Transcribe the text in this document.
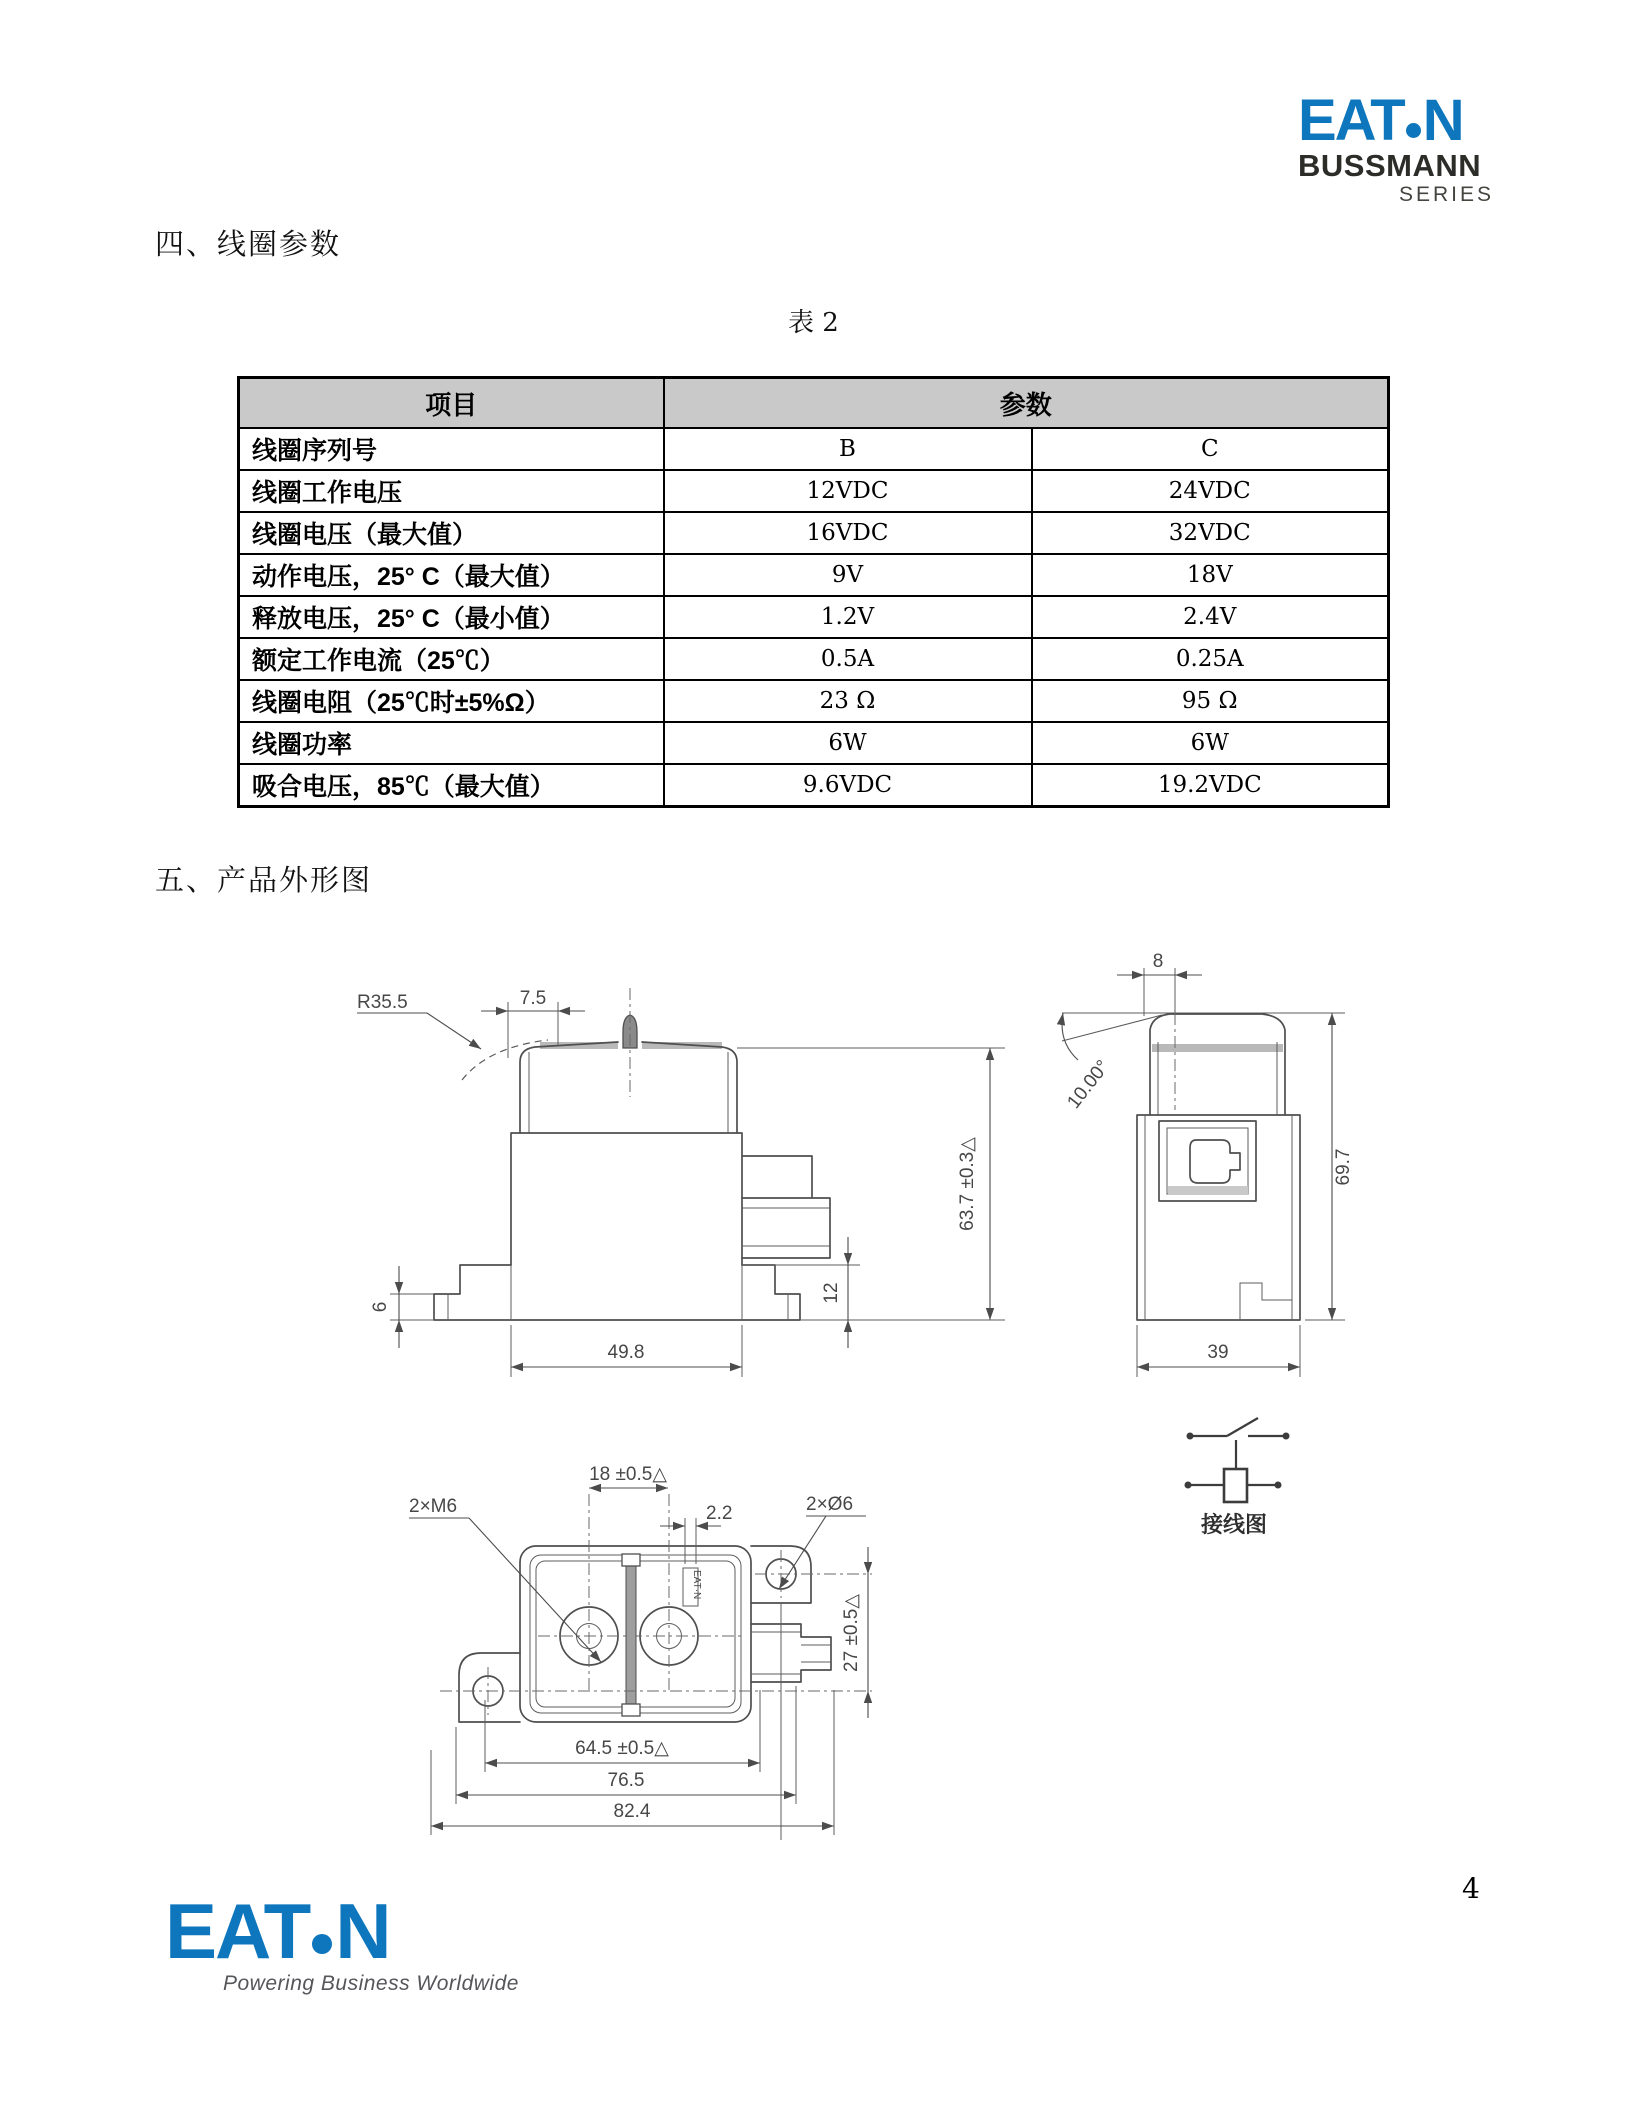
EAT N
BUSSMANN
SERIES
四、线圈参数
表 2
项目	参数	
线圈序列号	B	C
线圈工作电压	12VDC	24VDC
线圈电压（最大值）	16VDC	32VDC
动作电压，25° C（最大值）	9V	18V
释放电压，25° C（最小值）	1.2V	2.4V
额定工作电流（25℃）	0.5A	0.25A
线圈电阻（25℃时±5%Ω）	23 Ω	95 Ω
线圈功率	6W	6W
吸合电压，85℃（最大值）	9.6VDC	19.2VDC
五、产品外形图
R35.5	7.5
63.7 ±0.3△
6
12
49.8
10.00°
8
69.7
39
EAT·N
18 ±0.5△
2.2
2×M6	2×Ø6
27 ±0.5△
64.5 ±0.5△
76.5
82.4
接线图
4
EAT N
Powering Business Worldwide
